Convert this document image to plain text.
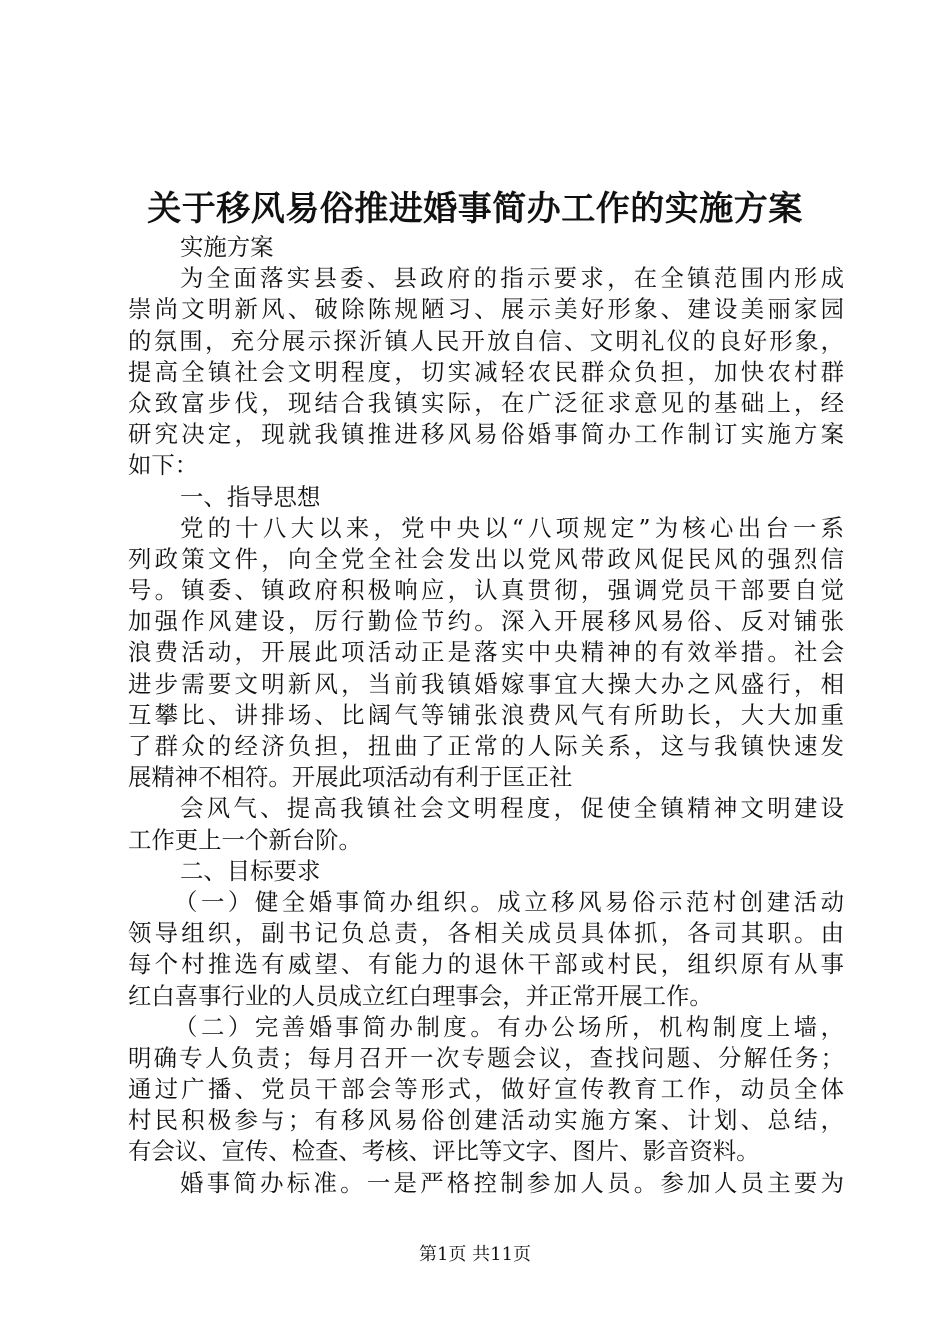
关于移风易俗推进婚事简办工作的实施方案
实施方案
为全面落实县委、县政府的指示要求，在全镇范围内形成
崇尚文明新风、破除陈规陋习、展示美好形象、建设美丽家园
的氛围，充分展示探沂镇人民开放自信、文明礼仪的良好形象，
提高全镇社会文明程度，切实减轻农民群众负担，加快农村群
众致富步伐，现结合我镇实际，在广泛征求意见的基础上，经
研究决定，现就我镇推进移风易俗婚事简办工作制订实施方案
如下：
一、指导思想
党的十八大以来，党中央以“八项规定”为核心出台一系
列政策文件，向全党全社会发出以党风带政风促民风的强烈信
号。镇委、镇政府积极响应，认真贯彻，强调党员干部要自觉
加强作风建设，厉行勤俭节约。深入开展移风易俗、反对铺张
浪费活动，开展此项活动正是落实中央精神的有效举措。社会
进步需要文明新风，当前我镇婚嫁事宜大操大办之风盛行，相
互攀比、讲排场、比阔气等铺张浪费风气有所助长，大大加重
了群众的经济负担，扭曲了正常的人际关系，这与我镇快速发
展精神不相符。开展此项活动有利于匡正社
会风气、提高我镇社会文明程度，促使全镇精神文明建设
工作更上一个新台阶。
二、目标要求
（一）健全婚事简办组织。成立移风易俗示范村创建活动
领导组织，副书记负总责，各相关成员具体抓，各司其职。由
每个村推选有威望、有能力的退休干部或村民，组织原有从事
红白喜事行业的人员成立红白理事会，并正常开展工作。
（二）完善婚事简办制度。有办公场所，机构制度上墙，
明确专人负责；每月召开一次专题会议，查找问题、分解任务；
通过广播、党员干部会等形式，做好宣传教育工作，动员全体
村民积极参与；有移风易俗创建活动实施方案、计划、总结，
有会议、宣传、检查、考核、评比等文字、图片、影音资料。
婚事简办标准。一是严格控制参加人员。参加人员主要为
第1页 共11页
